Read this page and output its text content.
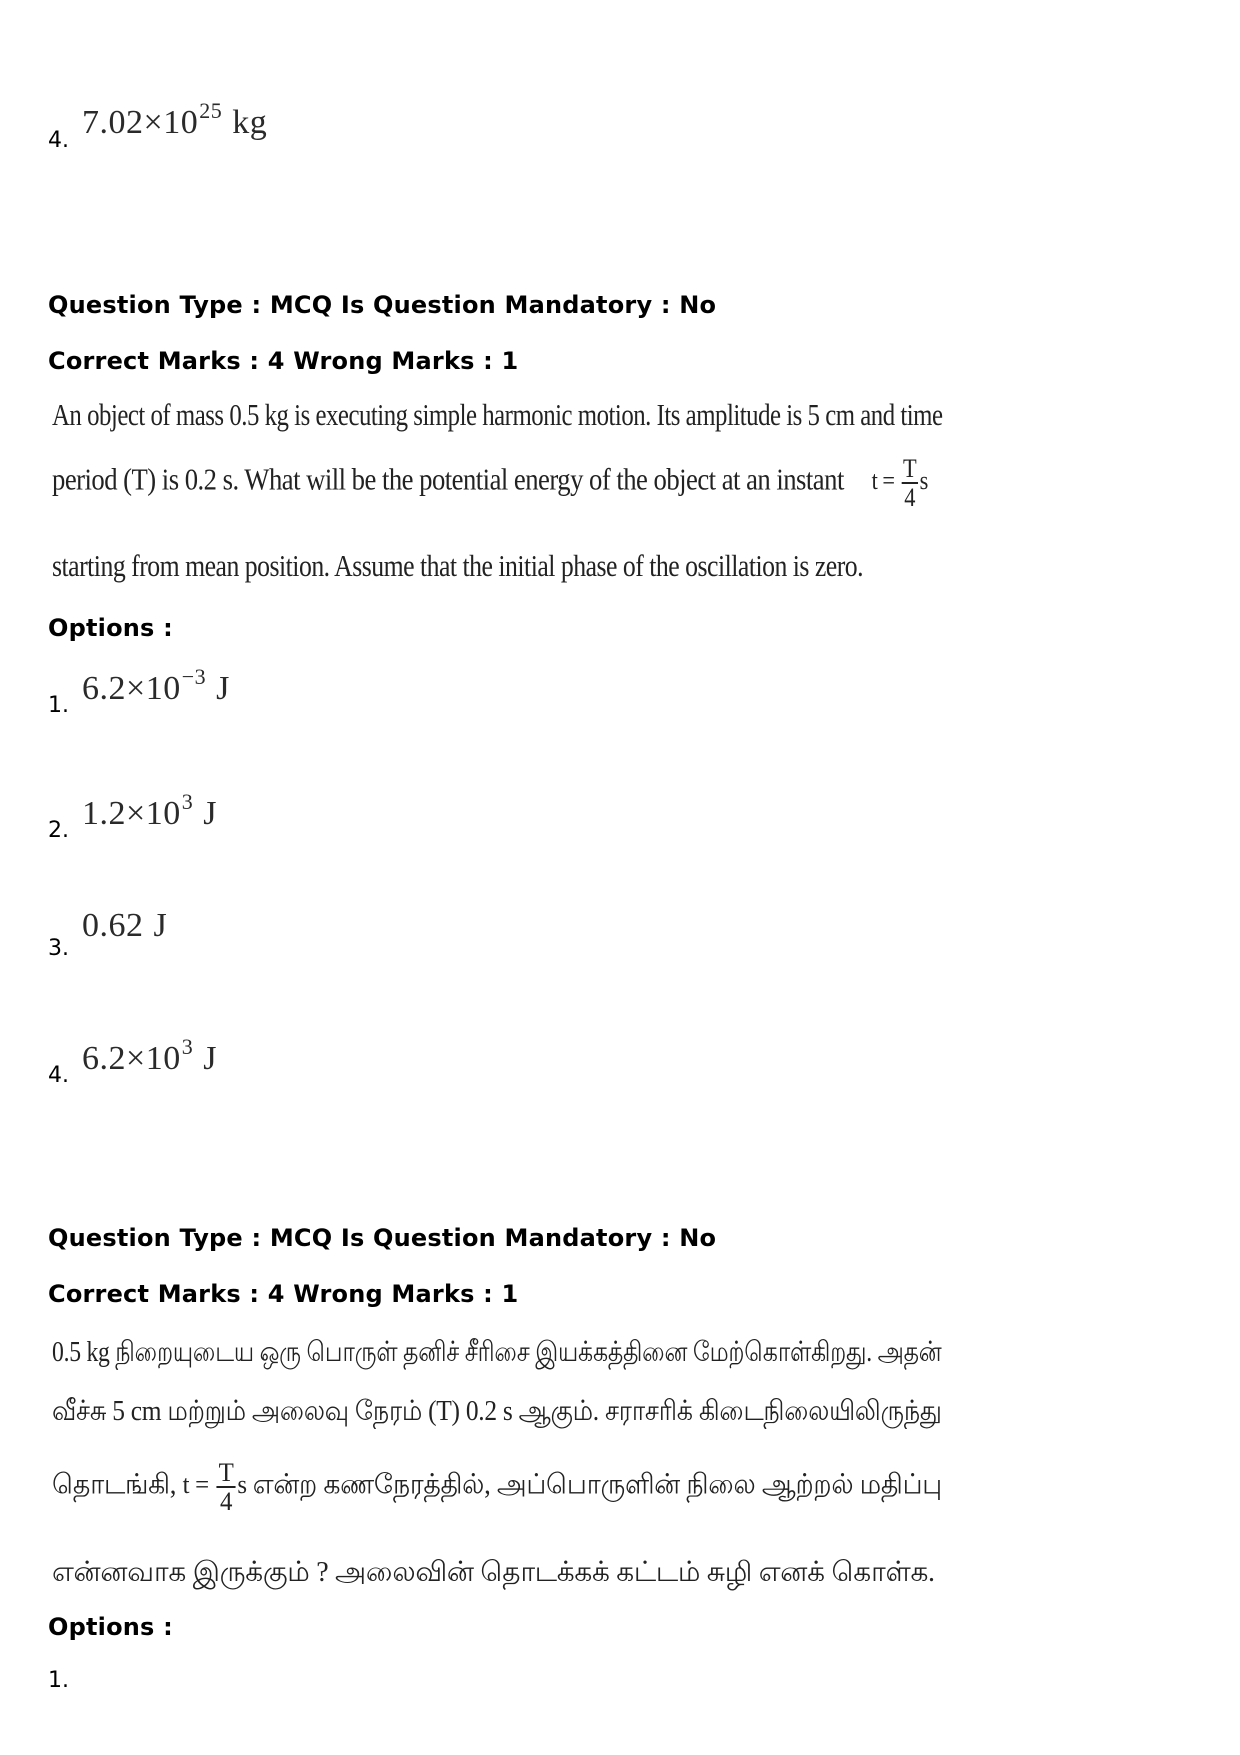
4. $7.02\times 10^{25}$ kg
Question Type : MCQ Is Question Mandatory : No
Correct Marks : 4 Wrong Marks : 1
An object of mass 0.5 kg is executing simple harmonic motion. Its amplitude is 5 cm and time
period (T) is 0.2 s. What will be the potential energy of the object at an instant $t = \frac{T}{4}$ s
starting from mean position. Assume that the initial phase of the oscillation is zero.
Options :
1. $6.2\times 10^{-3}$ J
2. $1.2\times 10^3$ J
3.
0.62 J
4. $6.2\times 10^3$ J
Question Type : MCQ Is Question Mandatory : No
Correct Marks : 4 Wrong Marks : 1
0.5 kg நிறையுடைய ஒரு பொருள் தனிச் சீரிசை இயக்கத்தினை மேற்கொள்கிறது. அதன்
வீச்சு 5 cm மற்றும் அலைவு நேரம் (T) 0.2 s ஆகும். சராசரிக் கிடைநிலையிலிருந்து
தொடங்கி, $t = \frac{T}{4}$ s என்ற கணநேரத்தில், அப்பொருளின் நிலை ஆற்றல் மதிப்பு
என்னவாக இருக்கும் ? அலைவின் தொடக்கக் கட்டம் சுழி எனக் கொள்க.
Options :
1.
